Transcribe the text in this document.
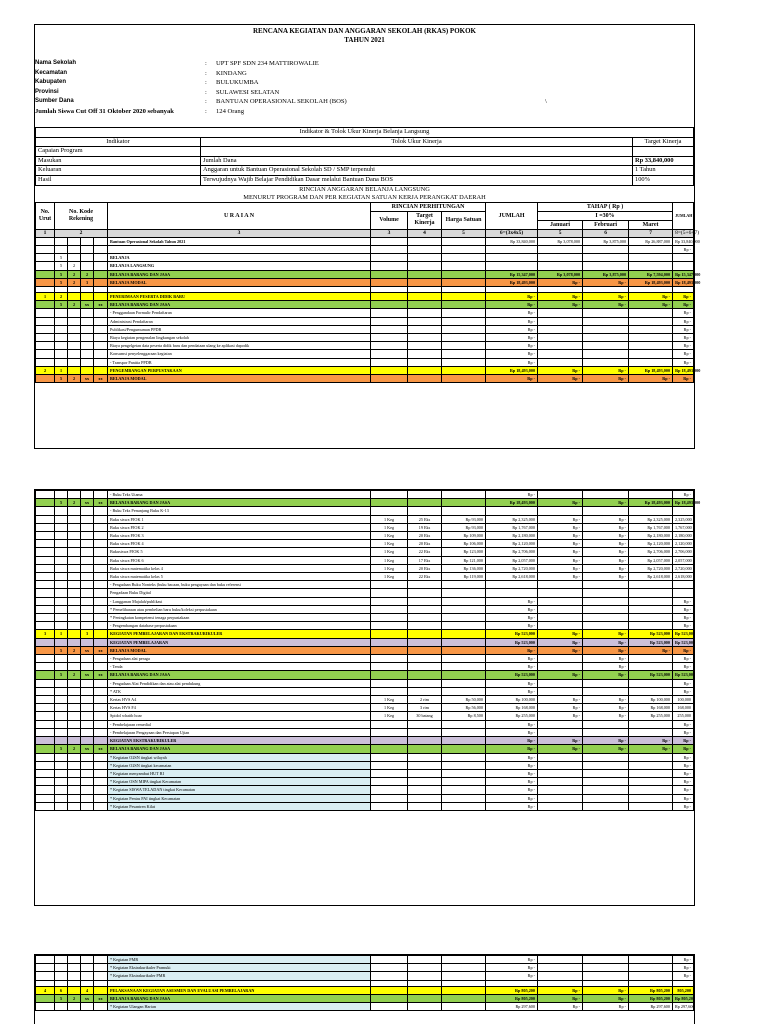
RENCANA KEGIATAN DAN ANGGARAN SEKOLAH (RKAS) POKOK
TAHUN 2021
Nama Sekolah	: UPT SPF SDN 234 MATTIROWALIE
Kecamatan	: KINDANG
Kabupaten	: BULUKUMBA
Provinsi	: SULAWESI SELATAN
Sumber Dana	: BANTUAN OPERASIONAL SEKOLAH (BOS)	\
Jumlah Siswa Cut Off 31 Oktober 2020 sebanyak	: 124 Orang
Indikator & Tolok Ukur Kinerja Belanja Langsung		
Indikator	Tolok Ukur Kinerja	Target Kinerja
Capaian Program		
Masukan	Jumlah Dana	Rp 33,840,000
Keluaran	Anggaran untuk Bantuan Operasional Sekolah SD / SMP terpenuhi	1 Tahun
Hasil	Terwujudnya Wajib Belajar Pendidikan Dasar melalui Bantuan Dana BOS	100%
RINCIAN ANGGARAN BELANJA LANGSUNG
MENURUT PROGRAM DAN PER KEGIATAN SATUAN KERJA PERANGKAT DAERAH
No. Urut	No. Kode Rekening				U R A I A N	RINCIAN PERHITUNGAN			JUMLAH	TAHAP ( Rp )			JUMLAH
						Volume	Target Kinerja	Harga Satuan		I =30%			
										Januari	Februari	Maret	
1	2				3	3	4	5	6=(3x4x5)	5	6	7	8=(5+6+7)
					Bantuan Operasional Sekolah Tahun 2021				Rp 33,840,000	Rp 3,078,000	Rp 3,875,000	Rp 26,887,000	Rp 33,840,000
													Rp -
	5				BELANJA								
	5	2			BELANJA LANGSUNG								
	5	2	2		BELANJA BARANG DAN JASA				Rp 15,347,000	Rp 3,078,000	Rp 3,875,000	Rp 7,594,000	Rp 15,347,000
	5	2	3		BELANJA MODAL				Rp 18,493,000	Rp -	Rp -	Rp 18,493,000	Rp 18,493,000

1	2				PENERIMAAN PESERTA DIDIK BARU				Rp -	Rp -	Rp -	Rp -	Rp -
	5	2	xx	xx	BELANJA BARANG DAN JASA				Rp -	Rp -	Rp -	Rp -	Rp -
					- Penggandaan Formulir Pendaftaran				Rp -				Rp -
					Administrasi Pendaftaran				Rp -				Rp -
					Publikasi/Pengumuman PPDB				Rp -				Rp -
					Biaya kegiatan pengenalan lingkungan sekolah				Rp -				Rp -
					Biaya pengelgetan data peserta didik baru dan pendataan ulang ke aplikasi dapodik				Rp -				Rp -
					Konsumsi penyelenggaraan kegiatan				Rp -				Rp -
					- Transpor Panitia PPDB				Rp -				Rp -
2	1				PENGEMBANGAN PERPUSTAKAAN				Rp 18,493,000	Rp -	Rp -	Rp 18,493,000	Rp 18,493,000
	5	2	xx	xx	BELANJA MODAL				Rp -	Rp -	Rp -	Rp -	Rp -
					- Buku Teks Utama				Rp -				Rp -
	5	2	xx	xx	BELANJA BARANG DAN JASA				Rp 18,493,000	Rp -	Rp -	Rp 18,493,000	Rp 18,493,000
					- Buku Teks Penunjang Buku K-13								
					Buku siswa PJOK 1	1 Keg	25 Eks	Rp 93,000	Rp 2,325,000	Rp -	Rp -	Rp 2,325,000	2,325,000
					Buku siswa PJOK 2	1 Keg	19 Eks	Rp 93,000	Rp 1,767,000	Rp -	Rp -	Rp 1,767,000	1,767,000
					Buku siswa PJOK 3	1 Keg	20 Eks	Rp 109,000	Rp 2,180,000	Rp -	Rp -	Rp 2,180,000	2,180,000
					Buku siswa PJOK 4	1 Keg	20 Eks	Rp 106,000	Rp 2,120,000	Rp -	Rp -	Rp 2,120,000	2,120,000
					Bukusiswa PJOK 5	1 Keg	22 Eks	Rp 123,000	Rp 2,706,000	Rp -	Rp -	Rp 2,706,000	2,706,000
					Buku siswa PJOK 6	1 Keg	17 Eks	Rp 121,000	Rp 2,057,000	Rp -	Rp -	Rp 2,057,000	2,057,000
					Buku siswa matematika kelas 4	1 Keg	20 Eks	Rp 136,000	Rp 2,720,000	Rp -	Rp -	Rp 2,720,000	2,720,000
					Buku siswa matematika kelas 5	1 Keg	22 Eks	Rp 119,000	Rp 2,618,000	Rp -	Rp -	Rp 2,618,000	2,618,000
					- Pengadaan Buku Nonteks (buku bacaan, buku pengayaan dan buku referensi								
					Pengadaan Buku Digital								
					- Langganan Majalah/publikasi				Rp -				Rp -
					* Pemeliharaan atau pembelian baru buku/koleksi perpustakaan				Rp -				Rp -
					* Peningkatan kompetensi tenaga perpustakaan				Rp -				Rp -
					- Pengembangan database perpustakaan				Rp -				Rp -
3	1		3		KEGIATAN PEMBELAJARAN DAN EKSTRAKURIKULER				Rp 523,000	Rp -	Rp -	Rp 523,000	Rp 523,000
					KEGIATAN PEMBELAJARAN				Rp 523,000	Rp -	Rp -	Rp 523,000	Rp 523,000
	5	2	xx	xx	BELANJA MODAL				Rp -	Rp -	Rp -	Rp -	Rp -
					- Pengadaan alat peraga				Rp -		Rp -		Rp -
					- Tenda				Rp -		Rp -		Rp -
	5	2	xx	xx	BELANJA BARANG DAN JASA				Rp 523,000	Rp -	Rp -	Rp 523,000	Rp 523,000
					- Pengadaan Alat Pendidikan dan atau alat pendukung				Rp -				Rp -
					* ATK				Rp -				Rp -
					Kertas HVS A4	1 Keg	2 rim	Rp 50,000	Rp 100,000	Rp -	Rp -	Rp 100,000	100,000
					Kertas HVS F4	1 Keg	3 rim	Rp 56,000	Rp 168,000	Rp -	Rp -	Rp 168,000	168,000
					Spidol whaitb hoar	1 Keg	30 batang	Rp 8,500	Rp 255,000	Rp -	Rp -	Rp 255,000	255,000
					- Pembelajaran remedial				Rp -				Rp -
					- Pembelajaran Pengayaan dan Persiapan Ujian				Rp -				Rp -
					KEGIATAN EKSTRAKURIKULER				Rp -	Rp -	Rp -	Rp -	Rp -
	5	2	xx	xx	BELANJA BARANG DAN JASA				Rp -	Rp -	Rp -	Rp -	Rp -
					* Kegiatan O2SN tingkat wilayah				Rp -				Rp -
					* Kegiatan O2SN tingkat kecamatan				Rp -				Rp -
					* Kegiatan menyambut HUT RI				Rp -				Rp -
					* Kegiatan OSN MIPA tingkat Kecamatan				Rp -				Rp -
					* Kegiatan SISWA TELADAN tingkat Kecamatan				Rp -				Rp -
					* Kegiatan Pentas PAI tingkat Kecamatan				Rp -				Rp -
					* Kegiatan Pesantren Kilat				Rp -				Rp -
					* Kegiatan PMR				Rp -				Rp -
					* Kegiatan Ekstrakurikuler Pramuki				Rp -				Rp -
					* Kegiatan Ekstrakurikuler PMR				Rp -				Rp -

4	6		4		PELAKSANAAN KEGIATAN ASESMEN DAN EVALUASI PEMBELAJARAN				Rp 805,200	Rp -	Rp -	Rp 805,200	805,200
	5	2	xx	xx	BELANJA BARANG DAN JASA				Rp 805,200	Rp -	Rp -	Rp 805,200	Rp 805,200
					* Kegiatan Ulangan Harian				Rp 297,600	Rp -	Rp -	Rp 297,600	Rp 297,600
